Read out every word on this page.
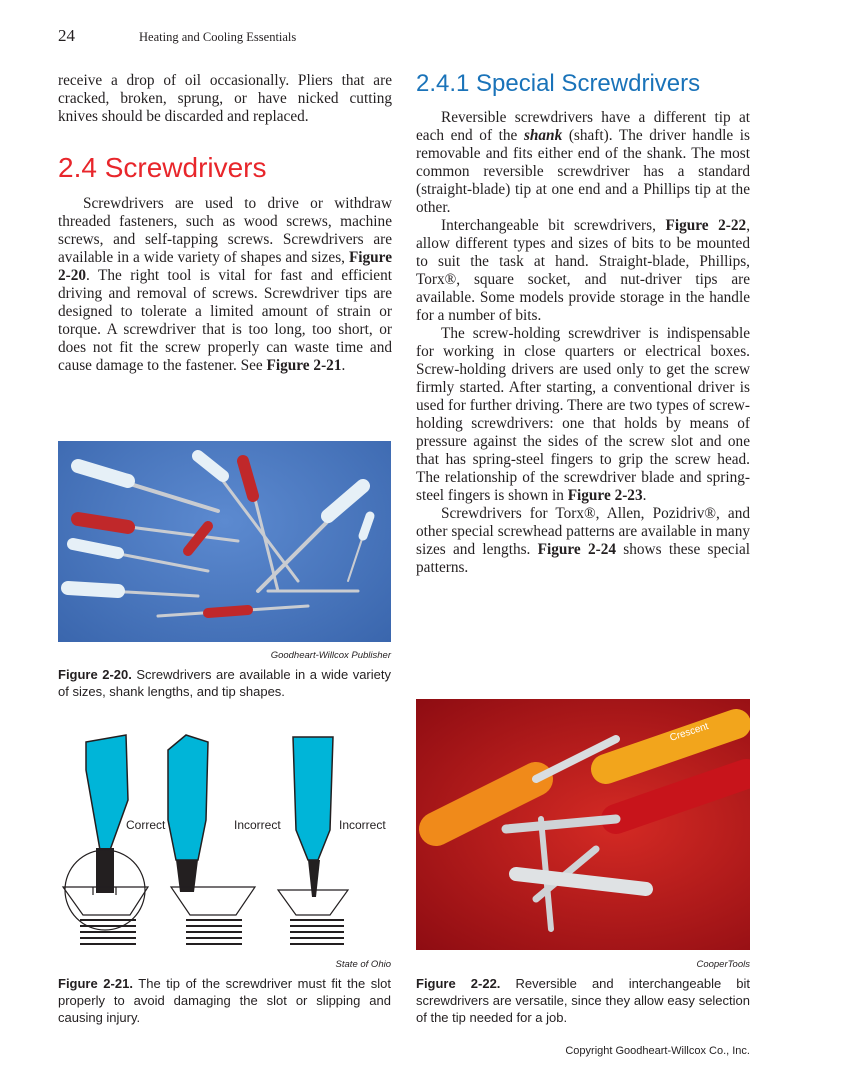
24	Heating and Cooling Essentials

receive a drop of oil occasionally. Pliers that are cracked, broken, sprung, or have nicked cutting knives should be discarded and replaced.

2.4 Screwdrivers

Screwdrivers are used to drive or withdraw threaded fasteners, such as wood screws, machine screws, and self-tapping screws. Screwdrivers are available in a wide variety of shapes and sizes, Figure 2-20. The right tool is vital for fast and efficient driving and removal of screws. Screwdriver tips are designed to tolerate a limited amount of strain or torque. A screwdriver that is too long, too short, or does not fit the screw properly can waste time and cause damage to the fastener. See Figure 2-21.

Goodheart-Willcox Publisher
Figure 2-20. Screwdrivers are available in a wide variety of sizes, shank lengths, and tip shapes.
Correct	Incorrect	Incorrect
State of Ohio
Figure 2-21. The tip of the screwdriver must fit the slot properly to avoid damaging the slot or slipping and causing injury.
2.4.1 Special Screwdrivers

Reversible screwdrivers have a different tip at each end of the shank (shaft). The driver handle is removable and fits either end of the shank. The most common reversible screwdriver has a standard (straight-blade) tip at one end and a Phillips tip at the other.

Interchangeable bit screwdrivers, Figure 2-22, allow different types and sizes of bits to be mounted to suit the task at hand. Straight-blade, Phillips, Torx®, square socket, and nut-driver tips are available. Some models provide storage in the handle for a number of bits.

The screw-holding screwdriver is indispensable for working in close quarters or electrical boxes. Screw-holding drivers are used only to get the screw firmly started. After starting, a conventional driver is used for further driving. There are two types of screw-holding screwdrivers: one that holds by means of pressure against the sides of the screw slot and one that has spring-steel fingers to grip the screw head. The relationship of the screwdriver blade and spring-steel fingers is shown in Figure 2-23.

Screwdrivers for Torx®, Allen, Pozidriv®, and other special screwhead patterns are available in many sizes and lengths. Figure 2-24 shows these special patterns.

Crescent
CooperTools
Figure 2-22. Reversible and interchangeable bit screwdrivers are versatile, since they allow easy selection of the tip needed for a job.
Copyright Goodheart-Willcox Co., Inc.
